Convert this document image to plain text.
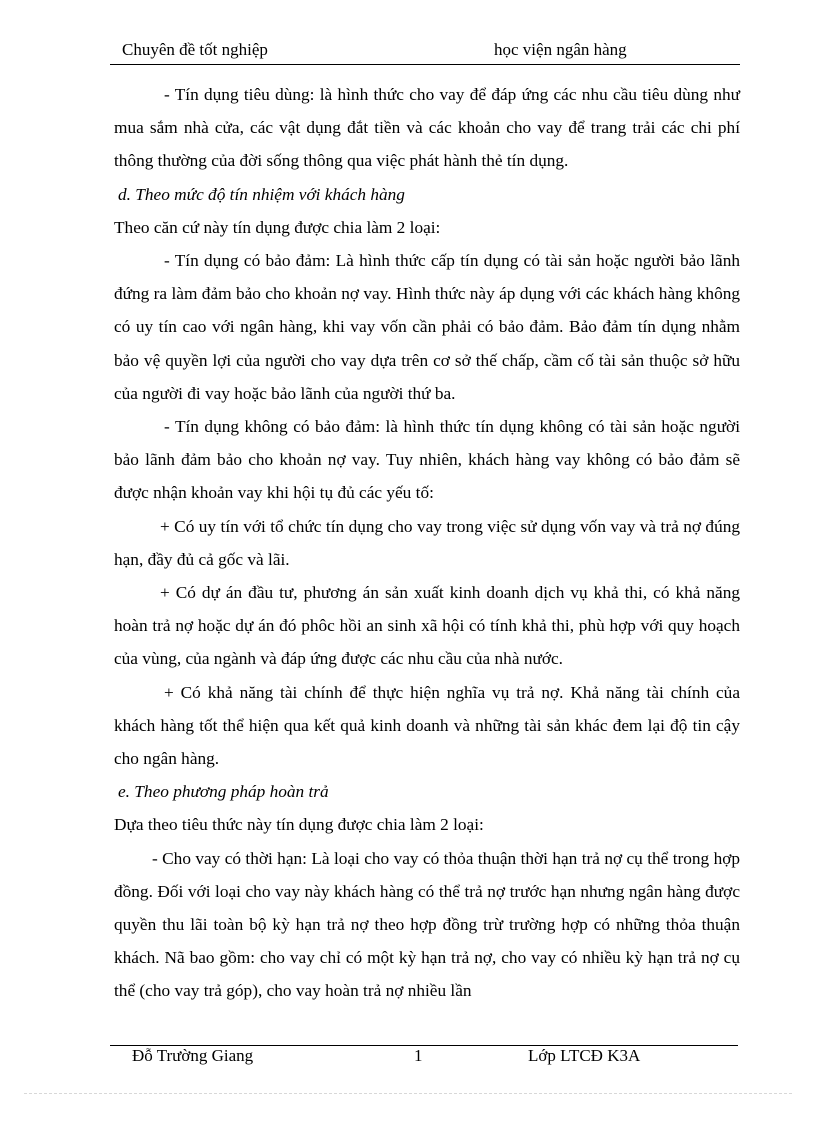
Chuyên đề tốt nghiệp	học viện ngân hàng

- Tín dụng tiêu dùng: là hình thức cho vay để đáp ứng các nhu cầu tiêu dùng như mua sắm nhà cửa, các vật dụng đắt tiền và các khoản cho vay để trang trải các chi phí thông thường của đời sống thông qua việc phát hành thẻ tín dụng.

d. Theo mức độ tín nhiệm với khách hàng

Theo căn cứ này tín dụng được chia làm 2 loại:

- Tín dụng có bảo đảm: Là hình thức cấp tín dụng có tài sản hoặc người bảo lãnh đứng ra làm đảm bảo cho khoản nợ vay. Hình thức này áp dụng với các khách hàng không có uy tín cao với ngân hàng, khi vay vốn cần phải có bảo đảm. Bảo đảm tín dụng nhằm bảo vệ quyền lợi của người cho vay dựa trên cơ sở thế chấp, cầm cố tài sản thuộc sở hữu của người đi vay hoặc bảo lãnh của người thứ ba.

- Tín dụng không có bảo đảm: là hình thức tín dụng không có tài sản hoặc người bảo lãnh đảm bảo cho khoản nợ vay. Tuy nhiên, khách hàng vay không có bảo đảm sẽ được nhận khoản vay khi hội tụ đủ các yếu tố:

+ Có uy tín với tổ chức tín dụng cho vay trong việc sử dụng vốn vay và trả nợ đúng hạn, đầy đủ cả gốc và lãi.

+ Có dự án đầu tư, phương án sản xuất kinh doanh dịch vụ khả thi, có khả năng hoàn trả nợ hoặc dự án đó phôc hồi an sinh xã hội có tính khả thi, phù hợp với quy hoạch của vùng, của ngành và đáp ứng được các nhu cầu của nhà nước.

+ Có khả năng tài chính để thực hiện nghĩa vụ trả nợ. Khả năng tài chính của khách hàng tốt thể hiện qua kết quả kinh doanh và những tài sản khác đem lại độ tin cậy cho ngân hàng.

e. Theo phương pháp hoàn trả

Dựa theo tiêu thức này tín dụng được chia làm 2 loại:

- Cho vay có thời hạn: Là loại cho vay có thỏa thuận thời hạn trả nợ cụ thể trong hợp đồng. Đối với loại cho vay này khách hàng có thể trả nợ trước hạn nhưng ngân hàng được quyền thu lãi toàn bộ kỳ hạn trả nợ theo hợp đồng trừ trường hợp có những thỏa thuận khách. Nã bao gồm: cho vay chỉ có một kỳ hạn trả nợ, cho vay có nhiều kỳ hạn trả nợ cụ thể (cho vay trả góp), cho vay hoàn trả nợ nhiều lần

Đỗ Trường Giang	1	Lớp LTCĐ K3A
